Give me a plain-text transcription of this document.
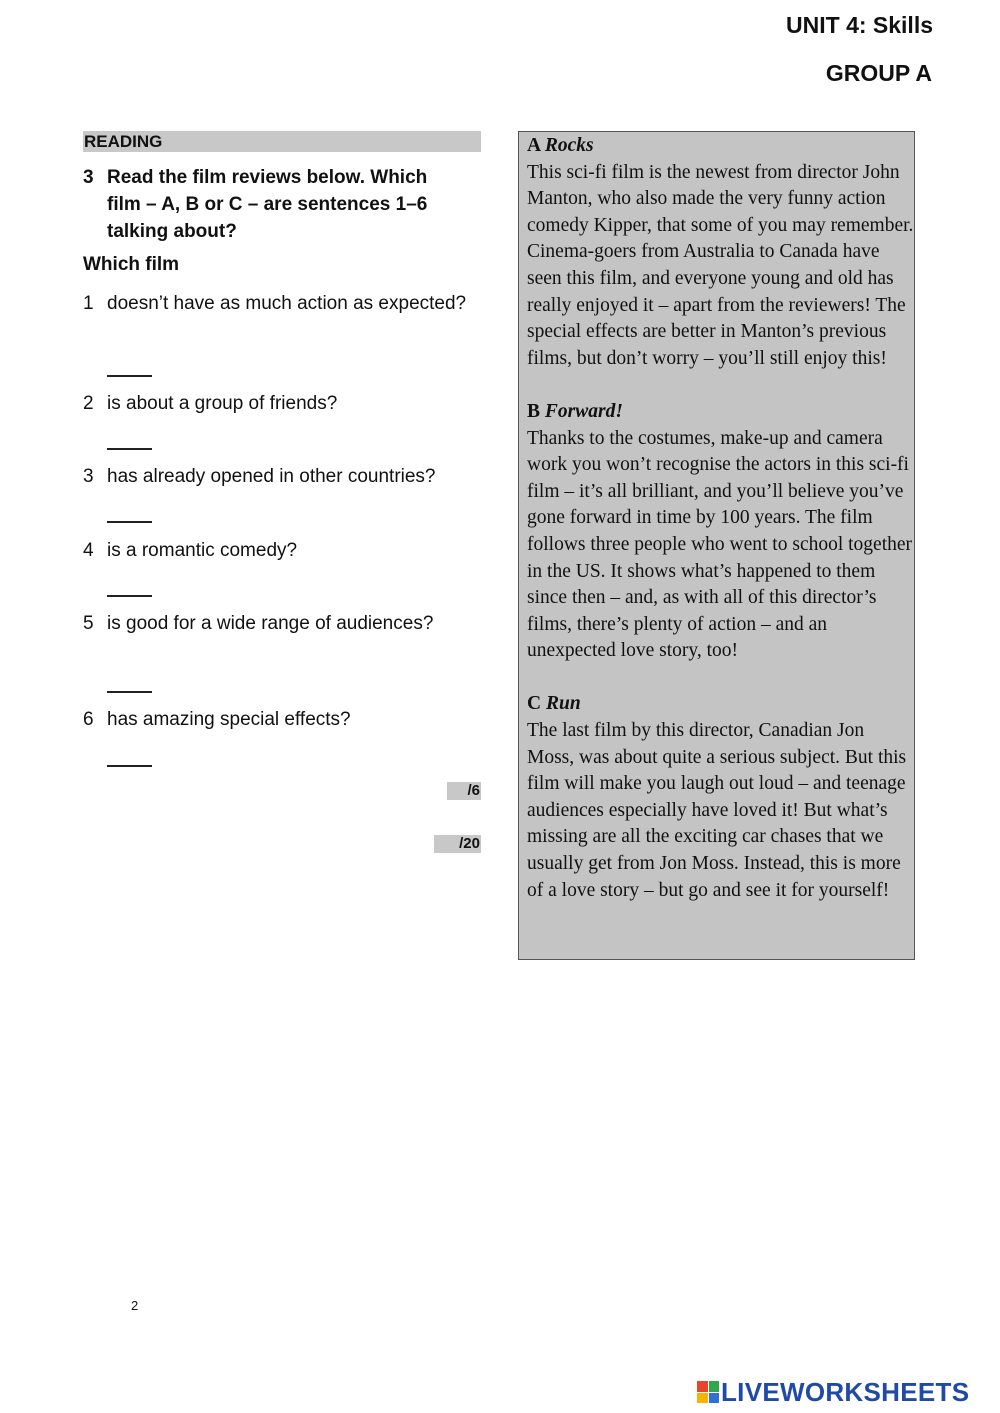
UNIT 4: Skills
GROUP A
READING
3 Read the film reviews below. Which film – A, B or C – are sentences 1–6 talking about?
Which film
1 doesn’t have as much action as expected?
2 is about a group of friends?
3 has already opened in other countries?
4 is a romantic comedy?
5 is good for a wide range of audiences?
6 has amazing special effects?
/6
/20
A Rocks
This sci-fi film is the newest from director John Manton, who also made the very funny action comedy Kipper, that some of you may remember. Cinema-goers from Australia to Canada have seen this film, and everyone young and old has really enjoyed it – apart from the reviewers! The special effects are better in Manton’s previous films, but don’t worry – you’ll still enjoy this!
B Forward!
Thanks to the costumes, make-up and camera work you won’t recognise the actors in this sci-fi film – it’s all brilliant, and you’ll believe you’ve gone forward in time by 100 years. The film follows three people who went to school together in the US. It shows what’s happened to them since then – and, as with all of this director’s films, there’s plenty of action – and an unexpected love story, too!
C Run
The last film by this director, Canadian Jon Moss, was about quite a serious subject. But this film will make you laugh out loud – and teenage audiences especially have loved it! But what’s missing are all the exciting car chases that we usually get from Jon Moss. Instead, this is more of a love story – but go and see it for yourself!
2
LIVEWORKSHEETS
